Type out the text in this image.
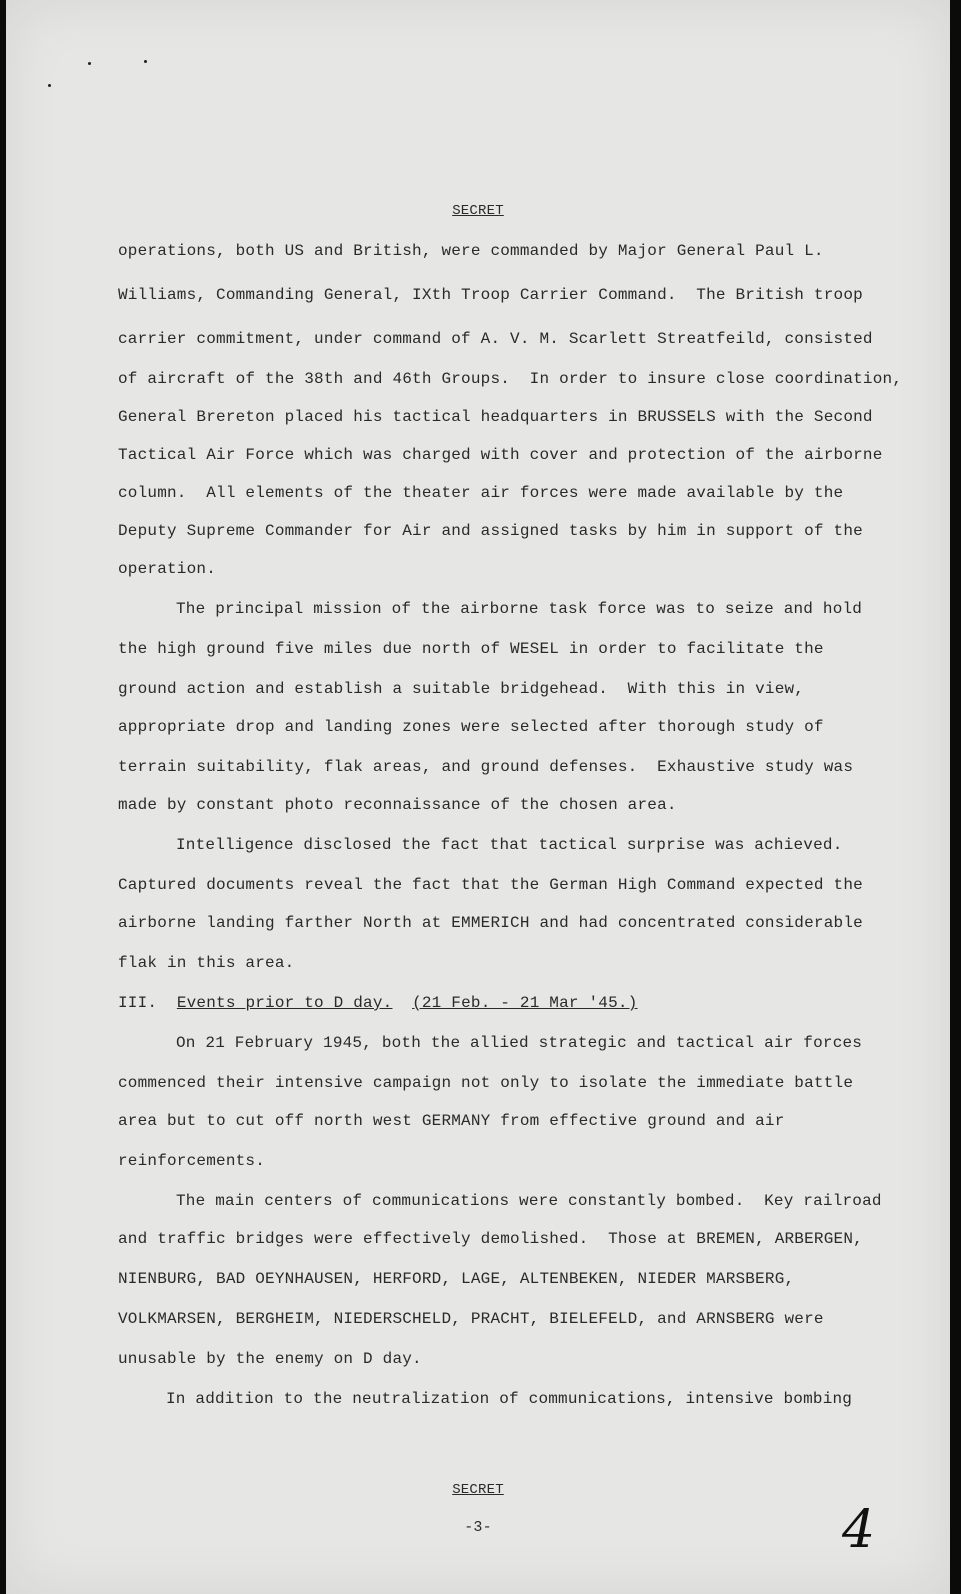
SECRET
operations, both US and British, were commanded by Major General Paul L.
Williams, Commanding General, IXth Troop Carrier Command.  The British troop
carrier commitment, under command of A. V. M. Scarlett Streatfeild, consisted
of aircraft of the 38th and 46th Groups.  In order to insure close coordination,
General Brereton placed his tactical headquarters in BRUSSELS with the Second
Tactical Air Force which was charged with cover and protection of the airborne
column.  All elements of the theater air forces were made available by the
Deputy Supreme Commander for Air and assigned tasks by him in support of the
operation.
The principal mission of the airborne task force was to seize and hold
the high ground five miles due north of WESEL in order to facilitate the
ground action and establish a suitable bridgehead.  With this in view,
appropriate drop and landing zones were selected after thorough study of
terrain suitability, flak areas, and ground defenses.  Exhaustive study was
made by constant photo reconnaissance of the chosen area.
Intelligence disclosed the fact that tactical surprise was achieved.
Captured documents reveal the fact that the German High Command expected the
airborne landing farther North at EMMERICH and had concentrated considerable
flak in this area.
III. Events prior to D day. (21 Feb. - 21 Mar '45.)
On 21 February 1945, both the allied strategic and tactical air forces
commenced their intensive campaign not only to isolate the immediate battle
area but to cut off north west GERMANY from effective ground and air
reinforcements.
The main centers of communications were constantly bombed.  Key railroad
and traffic bridges were effectively demolished.  Those at BREMEN, ARBERGEN,
NIENBURG, BAD OEYNHAUSEN, HERFORD, LAGE, ALTENBEKEN, NIEDER MARSBERG,
VOLKMARSEN, BERGHEIM, NIEDERSCHELD, PRACHT, BIELEFELD, and ARNSBERG were
unusable by the enemy on D day.
In addition to the neutralization of communications, intensive bombing
SECRET
-3-	4
